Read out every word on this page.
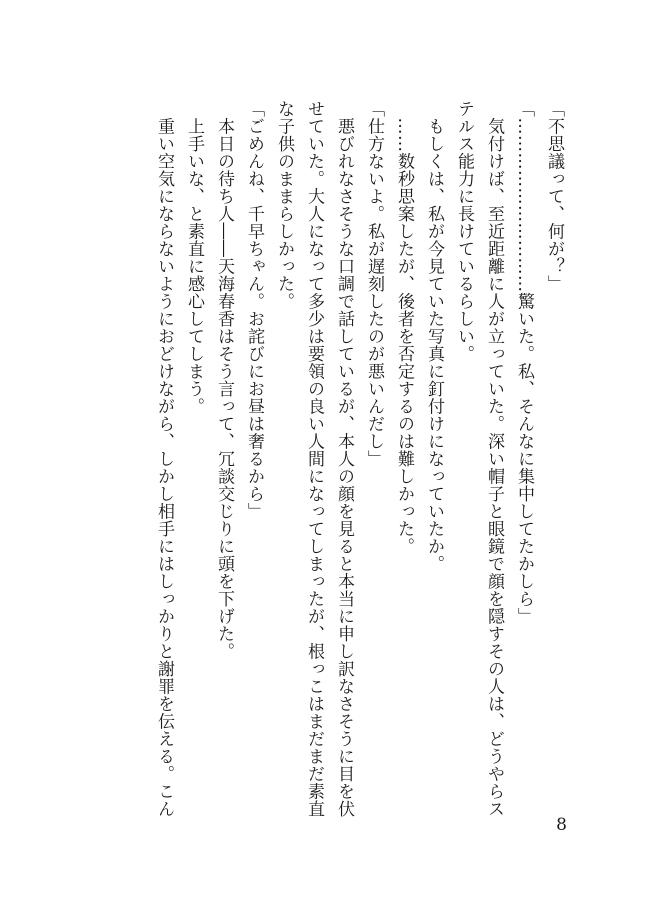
「不思議って、何が？」

「…………………………驚いた。私、そんなに集中してたかしら」

　気付けば、至近距離に人が立っていた。深い帽子と眼鏡で顔を隠すその人は、どうやらス

テルス能力に長けているらしい。

　もしくは、私が今見ていた写真に釘付けになっていたか。

　……数秒思案したが、後者を否定するのは難しかった。

「仕方ないよ。私が遅刻したのが悪いんだし」

　悪びれなさそうな口調で話しているが、本人の顔を見ると本当に申し訳なさそうに目を伏

せていた。大人になって多少は要領の良い人間になってしまったが、根っこはまだまだ素直

な子供のままらしかった。

「ごめんね、千早ちゃん。お詫びにお昼は奢るから」

　本日の待ち人――天海春香はそう言って、冗談交じりに頭を下げた。

　上手いな、と素直に感心してしまう。

　重い空気にならないようにおどけながら、しかし相手にはしっかりと謝罪を伝える。こん

8
